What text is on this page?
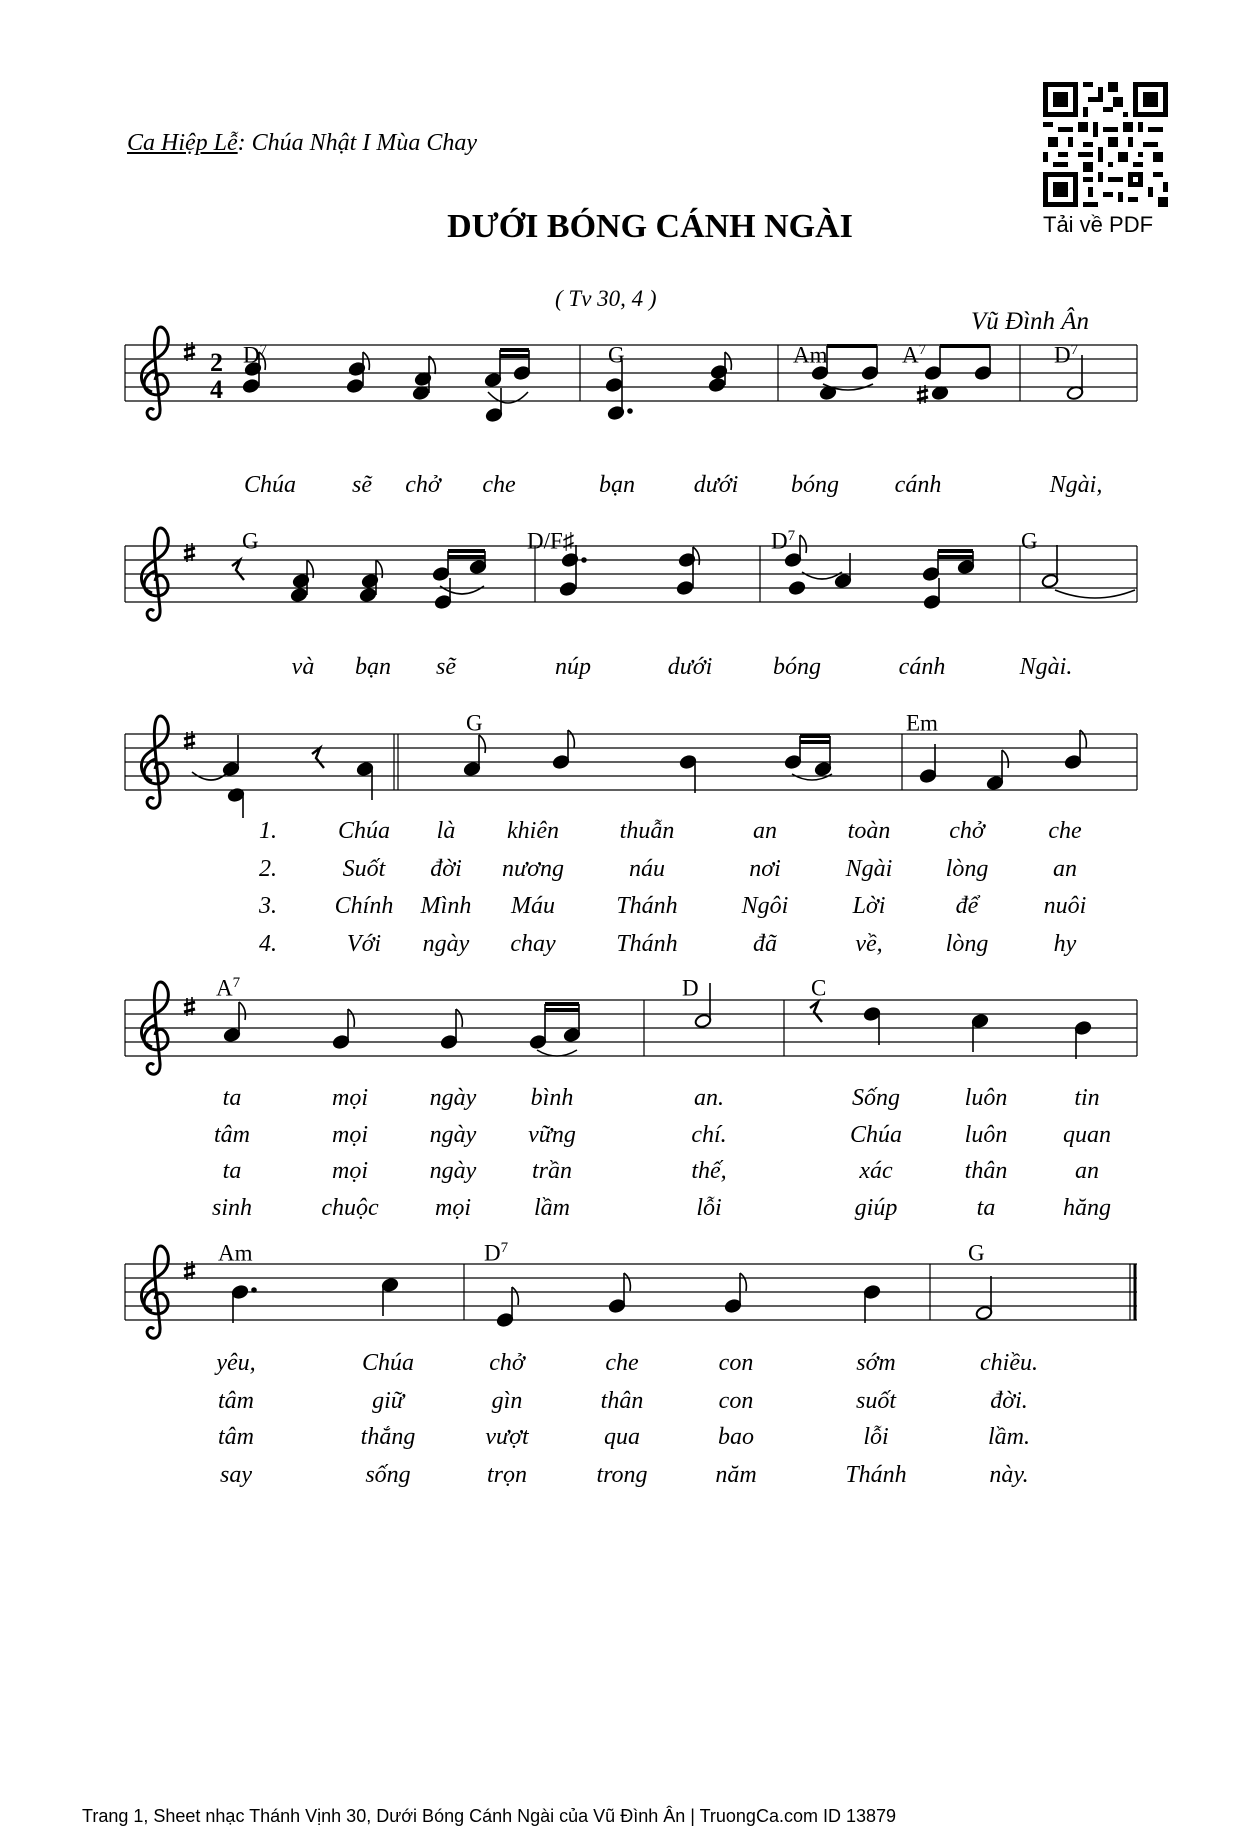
Ca Hiệp Lễ: Chúa Nhật I Mùa Chay
DƯỚI BÓNG CÁNH NGÀI
( Tv 30, 4 )
Vũ Đình Ân
Tải về PDF
2
4
$D^7$	G	Am	$A^7$	$D^7$
G	D/F♯	$D^7$	G
G	Em
$A^7$	D	C
Am	$D^7$	G
Chúa sẽ chở che	bạn dưới bóng cánh	Ngài,
và bạn sẽ	núp	dưới	bóng	cánh	Ngài.
1.	Chúa là khiên	thuẫn	an	toàn chở	che
2.	Suốt đời nương	náu	nơi	Ngài lòng	an
3. Chính Mình Máu	Thánh	Ngôi	Lời	để	nuôi
4.	Với ngày chay	Thánh	đã	về,	lòng	hy
ta	mọi	ngày bình	an.	Sống	luôn	tin
tâm	mọi	ngày vững	chí.	Chúa	luôn quan
ta	mọi	ngày trần	thế,	xác	thân	an
sinh	chuộc mọi	lầm	lỗi	giúp	ta	hăng
yêu,	Chúa	chở	che	con	sớm	chiều.
tâm	giữ	gìn	thân	con	suốt	đời.
tâm	thắng	vượt	qua	bao	lỗi	lầm.
say	sống	trọn	trong	năm	Thánh	này.
Trang 1, Sheet nhạc Thánh Vịnh 30, Dưới Bóng Cánh Ngài của Vũ Đình Ân | TruongCa.com ID 13879
